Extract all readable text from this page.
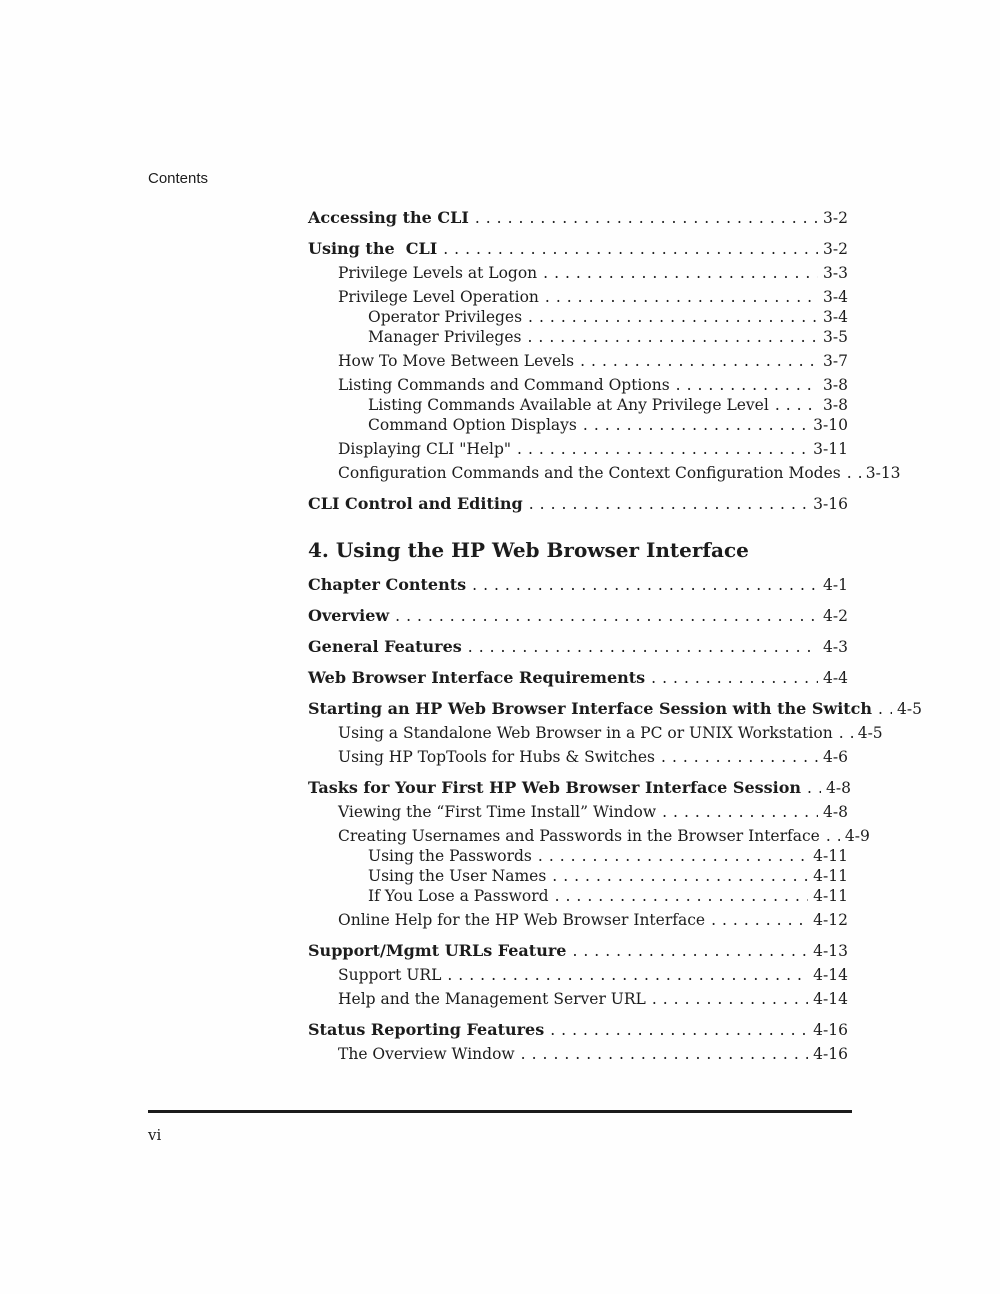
Contents
Accessing the CLI .....	3-2
Using the  CLI .....	3-2
Privilege Levels at Logon .....	3-3
Privilege Level Operation .....	3-4
Operator Privileges .....	3-4
Manager Privileges .....	3-5
How To Move Between Levels .....	3-7
Listing Commands and Command Options .....	3-8
Listing Commands Available at Any Privilege Level .....	3-8
Command Option Displays .....	3-10
Displaying CLI "Help" .....	3-11
Configuration Commands and the Context Configuration Modes ..... 3-13
CLI Control and Editing .....	3-16
4. Using the HP Web Browser Interface
Chapter Contents .....	4-1
Overview .....	4-2
General Features .....	4-3
Web Browser Interface Requirements .....	4-4
Starting an HP Web Browser Interface Session with the Switch ..... 4-5
Using a Standalone Web Browser in a PC or UNIX Workstation ..... 4-5
Using HP TopTools for Hubs & Switches .....	4-6
Tasks for Your First HP Web Browser Interface Session ..... 4-8
Viewing the “First Time Install” Window .....	4-8
Creating Usernames and Passwords in the Browser Interface ..... 4-9
Using the Passwords .....	4-11
Using the User Names .....	4-11
If You Lose a Password .....	4-11
Online Help for the HP Web Browser Interface .....	4-12
Support/Mgmt URLs Feature .....	4-13
Support URL .....	4-14
Help and the Management Server URL .....	4-14
Status Reporting Features .....	4-16
The Overview Window .....	4-16
vi
